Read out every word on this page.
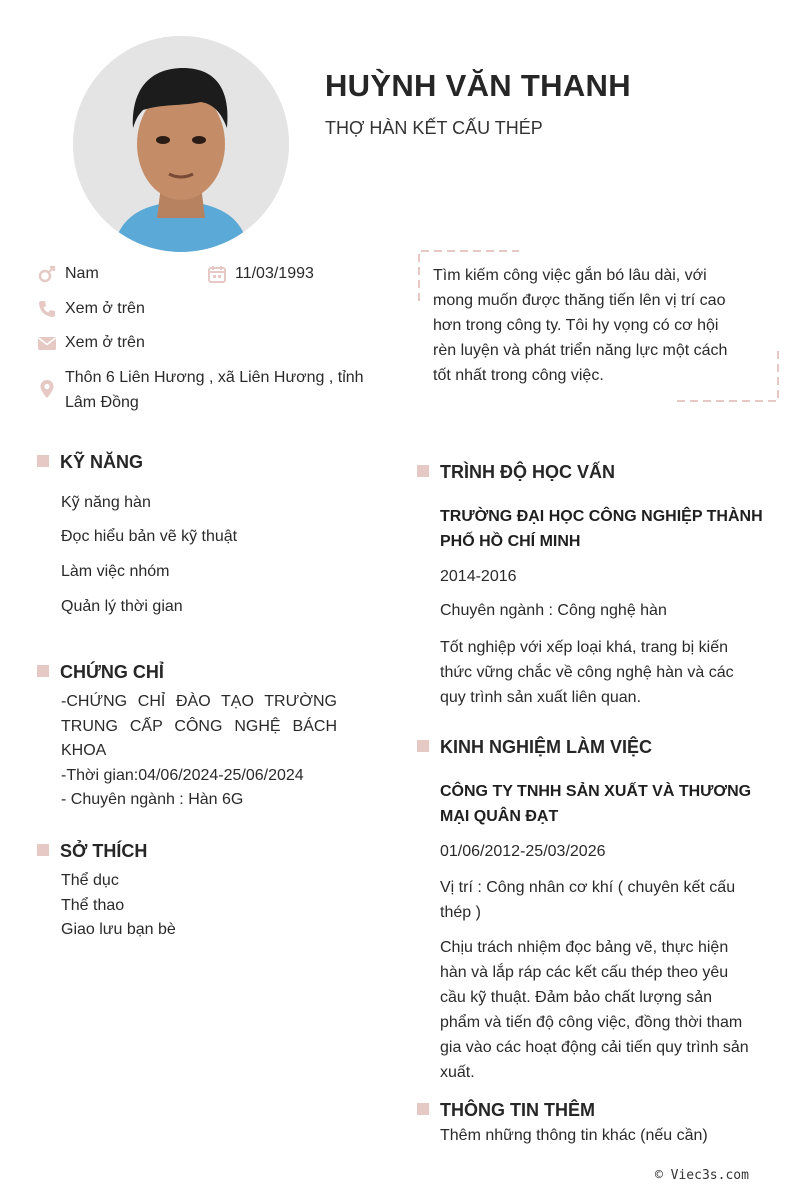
HUỲNH VĂN THANH
THỢ HÀN KẾT CẤU THÉP
Nam	11/03/1993
Xem ở trên
Xem ở trên
Thôn 6 Liên Hương , xã Liên Hương , tỉnh
Lâm Đồng
Tìm kiếm công việc gắn bó lâu dài, với
mong muốn được thăng tiến lên vị trí cao
hơn trong công ty. Tôi hy vọng có cơ hội
rèn luyện và phát triển năng lực một cách
tốt nhất trong công việc.
KỸ NĂNG
Kỹ năng hàn
Đọc hiểu bản vẽ kỹ thuật
Làm việc nhóm
Quản lý thời gian
CHỨNG CHỈ
-CHỨNG CHỈ ĐÀO TẠO TRƯỜNG
TRUNG CẤP CÔNG NGHỆ BÁCH
KHOA
-Thời gian:04/06/2024-25/06/2024
- Chuyên ngành : Hàn 6G
SỞ THÍCH
Thể dục
Thể thao
Giao lưu bạn bè
TRÌNH ĐỘ HỌC VẤN
TRƯỜNG ĐẠI HỌC CÔNG NGHIỆP THÀNH
PHỐ HỒ CHÍ MINH
2014-2016
Chuyên ngành : Công nghệ hàn
Tốt nghiệp với xếp loại khá, trang bị kiến
thức vững chắc về công nghệ hàn và các
quy trình sản xuất liên quan.
KINH NGHIỆM LÀM VIỆC
CÔNG TY TNHH SẢN XUẤT VÀ THƯƠNG
MẠI QUÂN ĐẠT
01/06/2012-25/03/2026
Vị trí : Công nhân cơ khí ( chuyên kết cấu
thép )
Chịu trách nhiệm đọc bảng vẽ, thực hiện
hàn và lắp ráp các kết cấu thép theo yêu
cầu kỹ thuật. Đảm bảo chất lượng sản
phẩm và tiến độ công việc, đồng thời tham
gia vào các hoạt động cải tiến quy trình sản
xuất.
THÔNG TIN THÊM
Thêm những thông tin khác (nếu cần)
© Viec3s.com
